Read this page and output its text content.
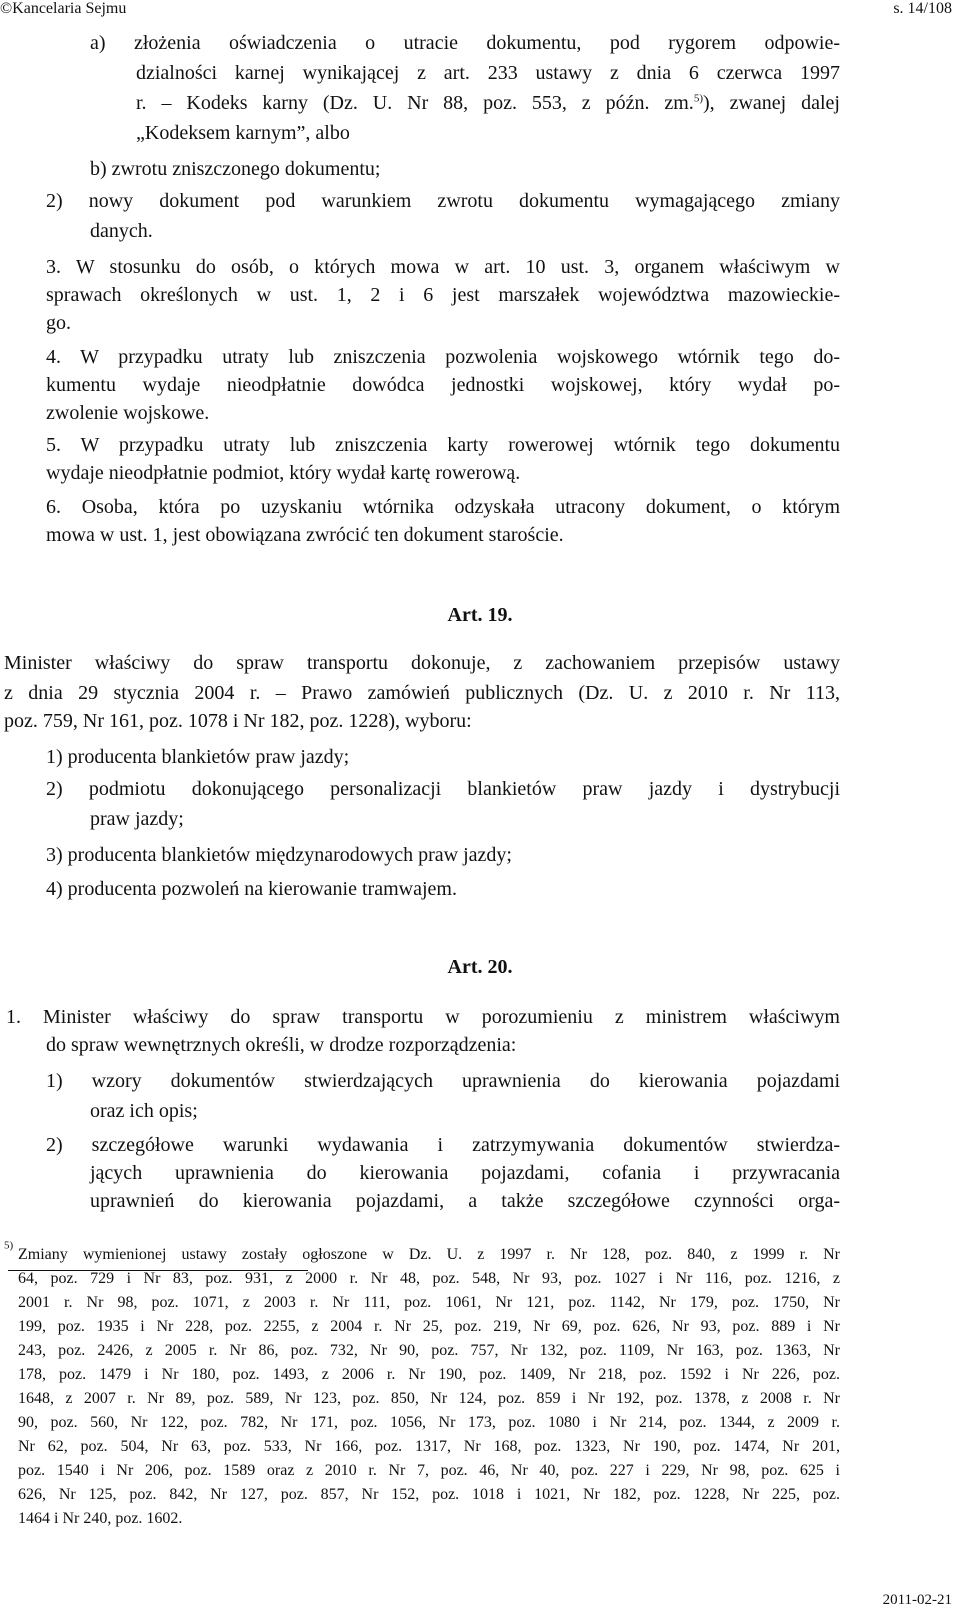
©Kancelaria Sejmu	s. 14/108
a) złożenia oświadczenia o utracie dokumentu, pod rygorem odpowie-
dzialności karnej wynikającej z art. 233 ustawy z dnia 6 czerwca 1997
r. – Kodeks karny (Dz. U. Nr 88, poz. 553, z późn. zm.$^{5)}$), zwanej dalej
„Kodeksem karnym”, albo
b) zwrotu zniszczonego dokumentu;
2) nowy dokument pod warunkiem zwrotu dokumentu wymagającego zmiany
danych.
3. W stosunku do osób, o których mowa w art. 10 ust. 3, organem właściwym w
sprawach określonych w ust. 1, 2 i 6 jest marszałek województwa mazowieckie-
go.
4. W przypadku utraty lub zniszczenia pozwolenia wojskowego wtórnik tego do-
kumentu wydaje nieodpłatnie dowódca jednostki wojskowej, który wydał po-
zwolenie wojskowe.
5. W przypadku utraty lub zniszczenia karty rowerowej wtórnik tego dokumentu
wydaje nieodpłatnie podmiot, który wydał kartę rowerową.
6. Osoba, która po uzyskaniu wtórnika odzyskała utracony dokument, o którym
mowa w ust. 1, jest obowiązana zwrócić ten dokument staroście.
Art. 19.
Minister właściwy do spraw transportu dokonuje, z zachowaniem przepisów ustawy
z dnia 29 stycznia 2004 r. – Prawo zamówień publicznych (Dz. U. z 2010 r. Nr 113,
poz. 759, Nr 161, poz. 1078 i Nr 182, poz. 1228), wyboru:
1) producenta blankietów praw jazdy;
2) podmiotu dokonującego personalizacji blankietów praw jazdy i dystrybucji
praw jazdy;
3) producenta blankietów międzynarodowych praw jazdy;
4) producenta pozwoleń na kierowanie tramwajem.
Art. 20.
1. Minister właściwy do spraw transportu w porozumieniu z ministrem właściwym
do spraw wewnętrznych określi, w drodze rozporządzenia:
1) wzory dokumentów stwierdzających uprawnienia do kierowania pojazdami
oraz ich opis;
2) szczegółowe warunki wydawania i zatrzymywania dokumentów stwierdza-
jących uprawnienia do kierowania pojazdami, cofania i przywracania
uprawnień do kierowania pojazdami, a także szczegółowe czynności orga-
$^{5)}$
Zmiany wymienionej ustawy zostały ogłoszone w Dz. U. z 1997 r. Nr 128, poz. 840, z 1999 r. Nr
64, poz. 729 i Nr 83, poz. 931, z 2000 r. Nr 48, poz. 548, Nr 93, poz. 1027 i Nr 116, poz. 1216, z
2001 r. Nr 98, poz. 1071, z 2003 r. Nr 111, poz. 1061, Nr 121, poz. 1142, Nr 179, poz. 1750, Nr
199, poz. 1935 i Nr 228, poz. 2255, z 2004 r. Nr 25, poz. 219, Nr 69, poz. 626, Nr 93, poz. 889 i Nr
243, poz. 2426, z 2005 r. Nr 86, poz. 732, Nr 90, poz. 757, Nr 132, poz. 1109, Nr 163, poz. 1363, Nr
178, poz. 1479 i Nr 180, poz. 1493, z 2006 r. Nr 190, poz. 1409, Nr 218, poz. 1592 i Nr 226, poz.
1648, z 2007 r. Nr 89, poz. 589, Nr 123, poz. 850, Nr 124, poz. 859 i Nr 192, poz. 1378, z 2008 r. Nr
90, poz. 560, Nr 122, poz. 782, Nr 171, poz. 1056, Nr 173, poz. 1080 i Nr 214, poz. 1344, z 2009 r.
Nr 62, poz. 504, Nr 63, poz. 533, Nr 166, poz. 1317, Nr 168, poz. 1323, Nr 190, poz. 1474, Nr 201,
poz. 1540 i Nr 206, poz. 1589 oraz z 2010 r. Nr 7, poz. 46, Nr 40, poz. 227 i 229, Nr 98, poz. 625 i
626, Nr 125, poz. 842, Nr 127, poz. 857, Nr 152, poz. 1018 i 1021, Nr 182, poz. 1228, Nr 225, poz.
1464 i Nr 240, poz. 1602.
2011-02-21
